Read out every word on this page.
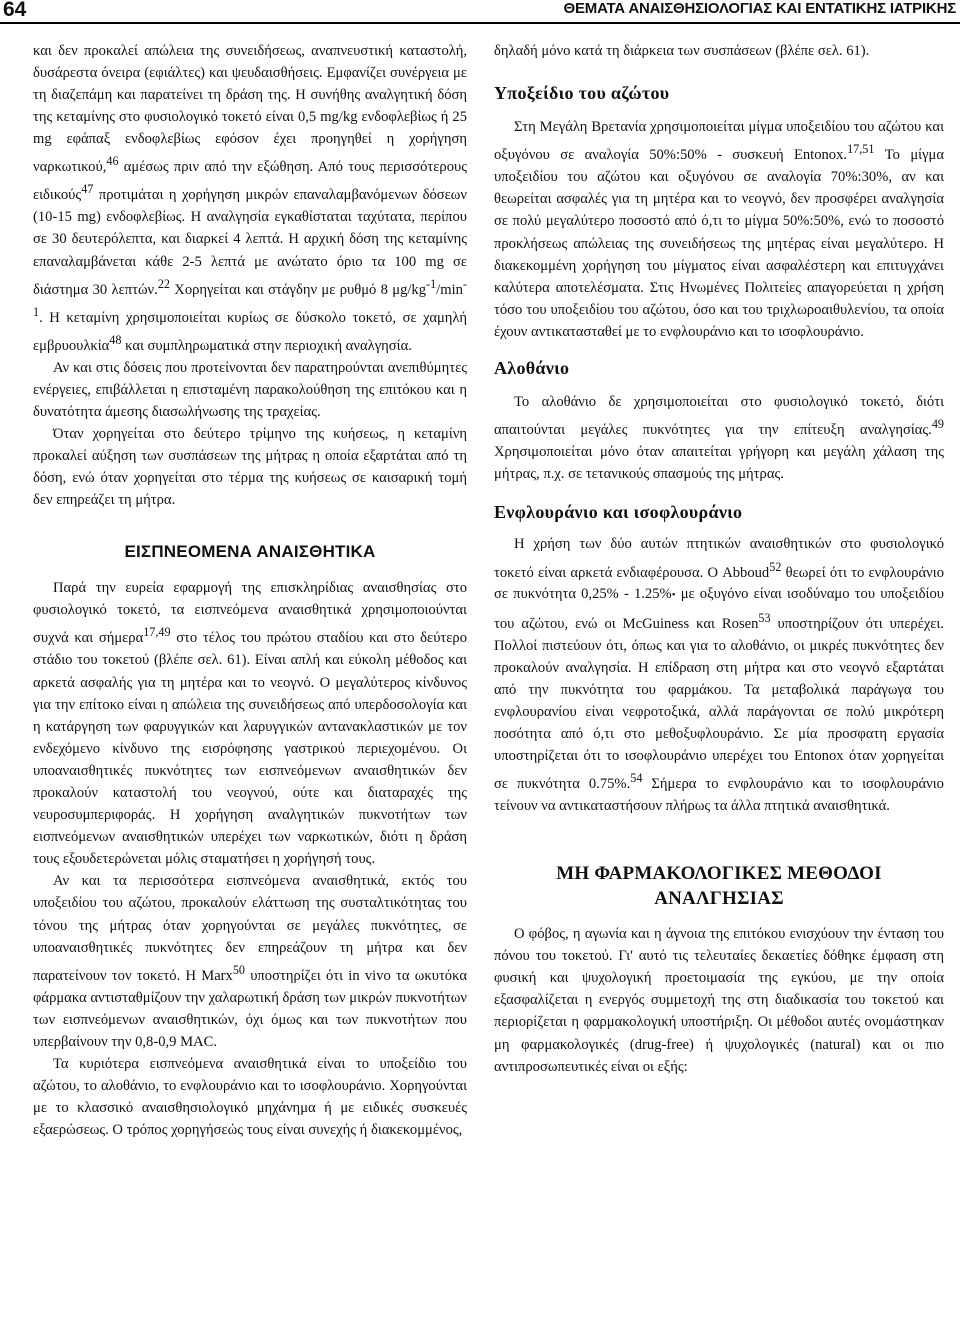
64	ΘΕΜΑΤΑ ΑΝΑΙΣΘΗΣΙΟΛΟΓΙΑΣ ΚΑΙ ΕΝΤΑΤΙΚΗΣ ΙΑΤΡΙΚΗΣ

και δεν προκαλεί απώλεια της συνειδήσεως, αναπνευστική καταστολή, δυσάρεστα όνειρα (εφιάλτες) και ψευδαισθήσεις. Εμφανίζει συνέργεια με τη διαζεπάμη και παρατείνει τη δράση της. Η συνήθης αναλγητική δόση της κεταμίνης στο φυσιολογικό τοκετό είναι 0,5 mg/kg ενδοφλεβίως ή 25 mg εφάπαξ ενδοφλεβίως εφόσον έχει προηγηθεί η χορήγηση ναρκωτικού,$^{46}$ αμέσως πριν από την εξώθηση. Από τους περισσότερους ειδικούς$^{47}$ προτιμάται η χορήγηση μικρών επαναλαμβανόμενων δόσεων (10-15 mg) ενδοφλεβίως. Η αναλγησία εγκαθίσταται ταχύτατα, περίπου σε 30 δευτερόλεπτα, και διαρκεί 4 λεπτά. Η αρχική δόση της κεταμίνης επαναλαμβάνεται κάθε 2-5 λεπτά με ανώτατο όριο τα 100 mg σε διάστημα 30 λεπτών.$^{22}$ Χορηγείται και στάγδην με ρυθμό 8 $\mu g/kg^{-1}/\min^{-1}$. Η κεταμίνη χρησιμοποιείται κυρίως σε δύσκολο τοκετό, σε χαμηλή εμβρυουλκία$^{48}$ και συμπληρωματικά στην περιοχική αναλγησία.

Αν και στις δόσεις που προτείνονται δεν παρατηρούνται ανεπιθύμητες ενέργειες, επιβάλλεται η επισταμένη παρακολούθηση της επιτόκου και η δυνατότητα άμεσης διασωλήνωσης της τραχείας.

Όταν χορηγείται στο δεύτερο τρίμηνο της κυήσεως, η κεταμίνη προκαλεί αύξηση των συσπάσεων της μήτρας η οποία εξαρτάται από τη δόση, ενώ όταν χορηγείται στο τέρμα της κυήσεως σε καισαρική τομή δεν επηρεάζει τη μήτρα.

ΕΙΣΠΝΕΟΜΕΝΑ ΑΝΑΙΣΘΗΤΙΚΑ

Παρά την ευρεία εφαρμογή της επισκληρίδιας αναισθησίας στο φυσιολογικό τοκετό, τα εισπνεόμενα αναισθητικά χρησιμοποιούνται συχνά και σήμερα$^{17,49}$ στο τέλος του πρώτου σταδίου και στο δεύτερο στάδιο του τοκετού (βλέπε σελ. 61). Είναι απλή και εύκολη μέθοδος και αρκετά ασφαλής για τη μητέρα και το νεογνό. Ο μεγαλύτερος κίνδυνος για την επίτοκο είναι η απώλεια της συνειδήσεως από υπερδοσολογία και η κατάργηση των φαρυγγικών και λαρυγγικών αντανακλαστικών με τον ενδεχόμενο κίνδυνο της εισρόφησης γαστρικού περιεχομένου. Οι υποαναισθητικές πυκνότητες των εισπνεόμενων αναισθητικών δεν προκαλούν καταστολή του νεογνού, ούτε και διαταραχές της νευροσυμπεριφοράς. Η χορήγηση αναλγητικών πυκνοτήτων των εισπνεόμενων αναισθητικών υπερέχει των ναρκωτικών, διότι η δράση τους εξουδετερώνεται μόλις σταματήσει η χορήγησή τους.

Αν και τα περισσότερα εισπνεόμενα αναισθητικά, εκτός του υποξειδίου του αζώτου, προκαλούν ελάττωση της συσταλτικότητας του τόνου της μήτρας όταν χορηγούνται σε μεγάλες πυκνότητες, σε υποαναισθητικές πυκνότητες δεν επηρεάζουν τη μήτρα και δεν παρατείνουν τον τοκετό. Η Marx$^{50}$ υποστηρίζει ότι in vivo τα ωκυτόκα φάρμακα αντισταθμίζουν την χαλαρωτική δράση των μικρών πυκνοτήτων των εισπνεόμενων αναισθητικών, όχι όμως και των πυκνοτήτων που υπερβαίνουν την 0,8-0,9 MAC.

Τα κυριότερα εισπνεόμενα αναισθητικά είναι το υποξείδιο του αζώτου, το αλοθάνιο, το ενφλουράνιο και το ισοφλουράνιο. Χορηγούνται με το κλασσικό αναισθησιολογικό μηχάνημα ή με ειδικές συσκευές εξαερώσεως. Ο τρόπος χορηγήσεώς τους είναι συνεχής ή διακεκομμένος,

δηλαδή μόνο κατά τη διάρκεια των συσπάσεων (βλέπε σελ. 61).

Υποξείδιο του αζώτου

Στη Μεγάλη Βρετανία χρησιμοποιείται μίγμα υποξειδίου του αζώτου και οξυγόνου σε αναλογία 50%:50% - συσκευή Entonox.$^{17,51}$ Το μίγμα υποξειδίου του αζώτου και οξυγόνου σε αναλογία 70%:30%, αν και θεωρείται ασφαλές για τη μητέρα και το νεογνό, δεν προσφέρει αναλγησία σε πολύ μεγαλύτερο ποσοστό από ό,τι το μίγμα 50%:50%, ενώ το ποσοστό προκλήσεως απώλειας της συνειδήσεως της μητέρας είναι μεγαλύτερο. Η διακεκομμένη χορήγηση του μίγματος είναι ασφαλέστερη και επιτυγχάνει καλύτερα αποτελέσματα. Στις Ηνωμένες Πολιτείες απαγορεύεται η χρήση τόσο του υποξειδίου του αζώτου, όσο και του τριχλωροαιθυλενίου, τα οποία έχουν αντικατασταθεί με το ενφλουράνιο και το ισοφλουράνιο.

Αλοθάνιο

Το αλοθάνιο δε χρησιμοποιείται στο φυσιολογικό τοκετό, διότι απαιτούνται μεγάλες πυκνότητες για την επίτευξη αναλγησίας.$^{49}$ Χρησιμοποιείται μόνο όταν απαιτείται γρήγορη και μεγάλη χάλαση της μήτρας, π.χ. σε τετανικούς σπασμούς της μήτρας.

Ενφλουράνιο και ισοφλουράνιο

Η χρήση των δύο αυτών πτητικών αναισθητικών στο φυσιολογικό τοκετό είναι αρκετά ενδιαφέρουσα. Ο Abboud$^{52}$ θεωρεί ότι το ενφλουράνιο σε πυκνότητα 0,25% - 1.25%• με οξυγόνο είναι ισοδύναμο του υποξειδίου του αζώτου, ενώ οι McGuiness και Rosen$^{53}$ υποστηρίζουν ότι υπερέχει. Πολλοί πιστεύουν ότι, όπως και για το αλοθάνιο, οι μικρές πυκνότητες δεν προκαλούν αναλγησία. Η επίδραση στη μήτρα και στο νεογνό εξαρτάται από την πυκνότητα του φαρμάκου. Τα μεταβολικά παράγωγα του ενφλουρανίου είναι νεφροτοξικά, αλλά παράγονται σε πολύ μικρότερη ποσότητα από ό,τι στο μεθοξυφλουράνιο. Σε μία προσφατη εργασία υποστηρίζεται ότι το ισοφλουράνιο υπερέχει του Entonox όταν χορηγείται σε πυκνότητα 0.75%.$^{54}$ Σήμερα το ενφλουράνιο και το ισοφλουράνιο τείνουν να αντικαταστήσουν πλήρως τα άλλα πτητικά αναισθητικά.

ΜΗ ΦΑΡΜΑΚΟΛΟΓΙΚΕΣ ΜΕΘΟΔΟΙ
ΑΝΑΛΓΗΣΙΑΣ

Ο φόβος, η αγωνία και η άγνοια της επιτόκου ενισχύουν την ένταση του πόνου του τοκετού. Γι' αυτό τις τελευταίες δεκαετίες δόθηκε έμφαση στη φυσική και ψυχολογική προετοιμασία της εγκύου, με την οποία εξασφαλίζεται η ενεργός συμμετοχή της στη διαδικασία του τοκετού και περιορίζεται η φαρμακολογική υποστήριξη. Οι μέθοδοι αυτές ονομάστηκαν μη φαρμακολογικές (drug-free) ή ψυχολογικές (natural) και οι πιο αντιπροσωπευτικές είναι οι εξής:
